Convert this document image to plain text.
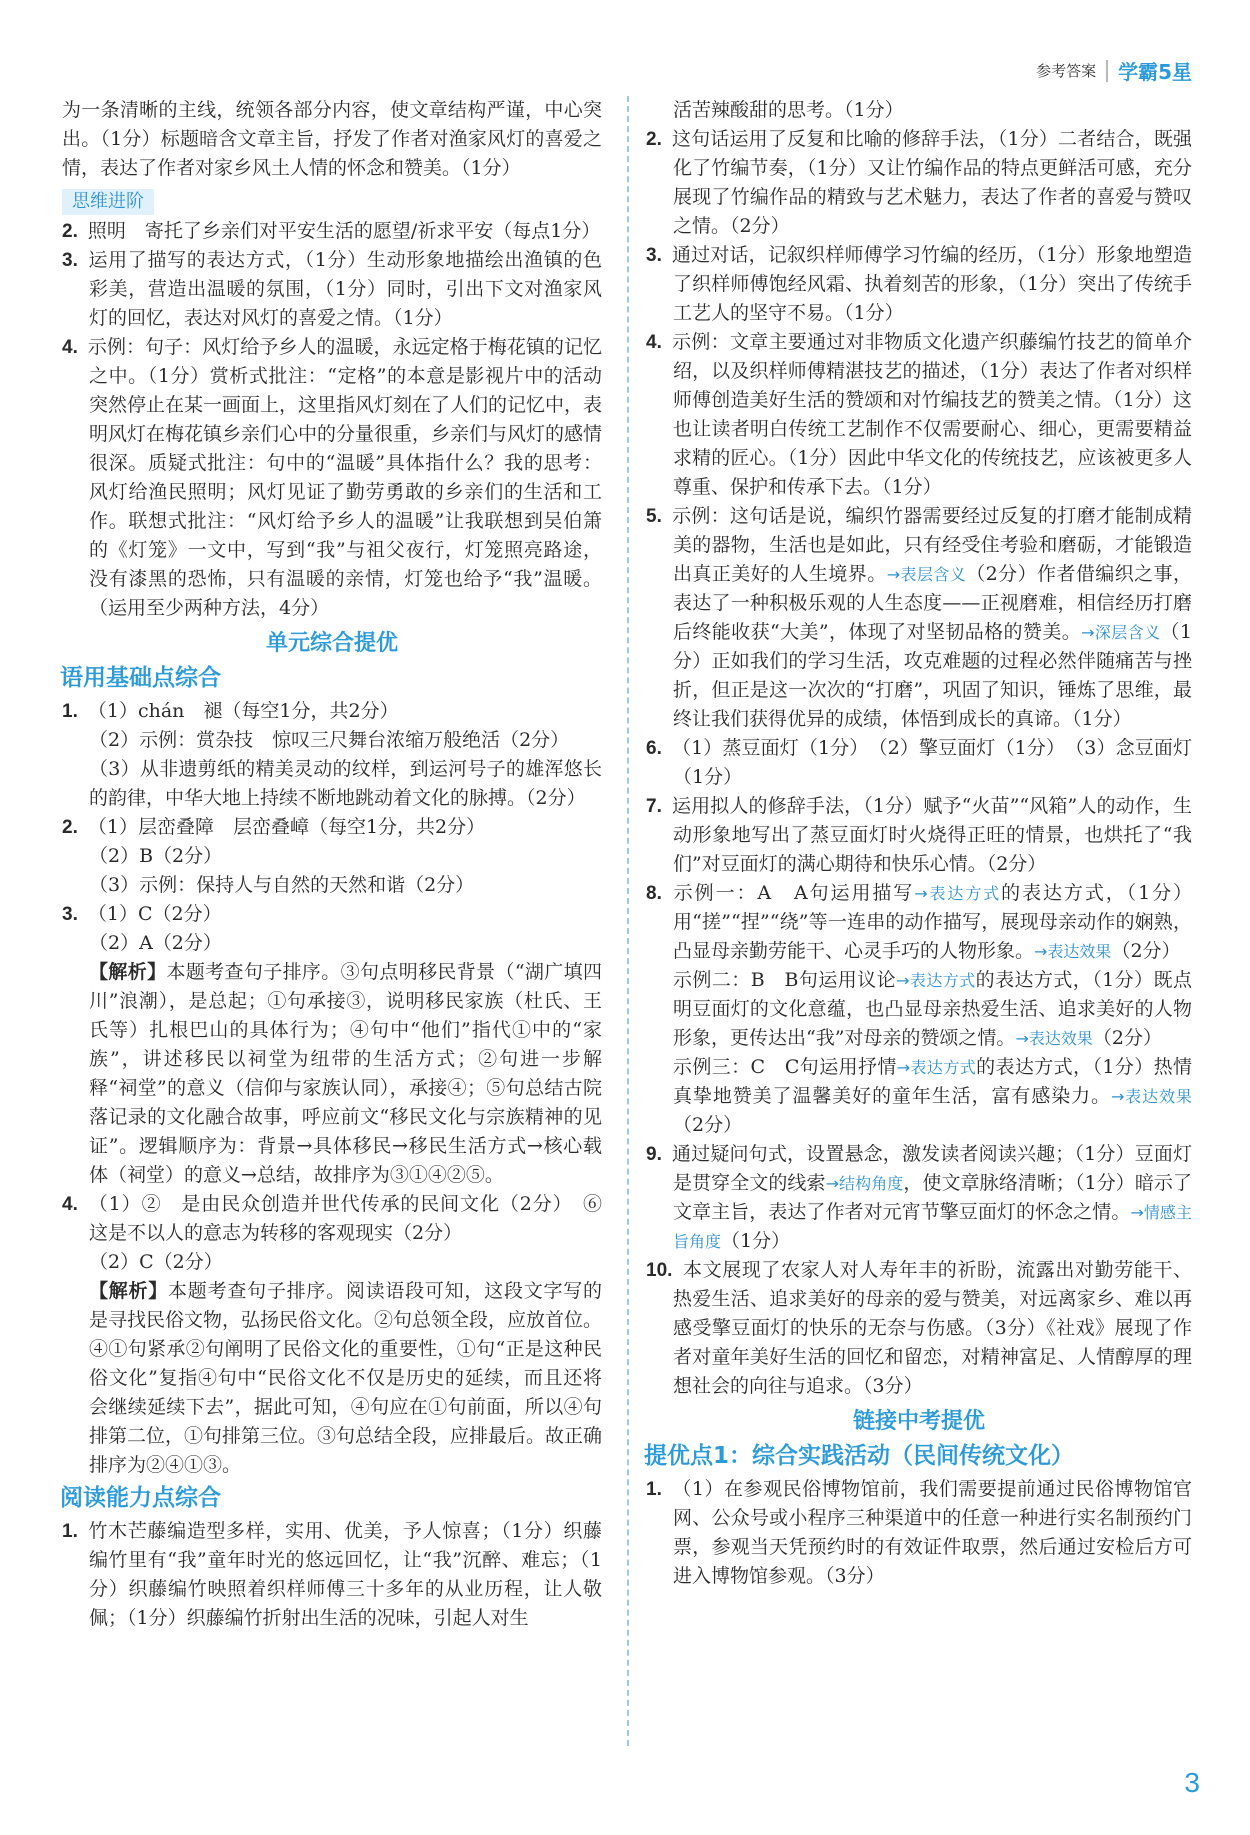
参考答案 学霸5星

为一条清晰的主线，统领各部分内容，使文章结构严谨，中心突出。（1分）标题暗含文章主旨，抒发了作者对渔家风灯的喜爱之情，表达了作者对家乡风土人情的怀念和赞美。（1分）

思维进阶

2. 照明　寄托了乡亲们对平安生活的愿望/祈求平安（每点1分）

3. 运用了描写的表达方式，（1分）生动形象地描绘出渔镇的色彩美，营造出温暖的氛围，（1分）同时，引出下文对渔家风灯的回忆，表达对风灯的喜爱之情。（1分）

4. 示例：句子：风灯给予乡人的温暖，永远定格于梅花镇的记忆之中。（1分）赏析式批注：“定格”的本意是影视片中的活动突然停止在某一画面上，这里指风灯刻在了人们的记忆中，表明风灯在梅花镇乡亲们心中的分量很重，乡亲们与风灯的感情很深。质疑式批注：句中的“温暖”具体指什么？我的思考：风灯给渔民照明；风灯见证了勤劳勇敢的乡亲们的生活和工作。联想式批注：“风灯给予乡人的温暖”让我联想到吴伯箫的《灯笼》一文中，写到“我”与祖父夜行，灯笼照亮路途，没有漆黑的恐怖，只有温暖的亲情，灯笼也给予“我”温暖。（运用至少两种方法，4分）

单元综合提优
语用基础点综合

1. （1）chán　褪（每空1分，共2分）

（2）示例：赏杂技　惊叹三尺舞台浓缩万般绝活（2分）

（3）从非遗剪纸的精美灵动的纹样，到运河号子的雄浑悠长的韵律，中华大地上持续不断地跳动着文化的脉搏。（2分）

2. （1）层峦叠障　层峦叠嶂（每空1分，共2分）

（2）B（2分）

（3）示例：保持人与自然的天然和谐（2分）

3. （1）C（2分）

（2）A（2分）

【解析】本题考查句子排序。③句点明移民背景（“湖广填四川”浪潮），是总起；①句承接③，说明移民家族（杜氏、王氏等）扎根巴山的具体行为；④句中“他们”指代①中的“家族”，讲述移民以祠堂为纽带的生活方式；②句进一步解释“祠堂”的意义（信仰与家族认同），承接④；⑤句总结古院落记录的文化融合故事，呼应前文“移民文化与宗族精神的见证”。逻辑顺序为：背景→具体移民→移民生活方式→核心载体（祠堂）的意义→总结，故排序为③①④②⑤。

4. （1）②　是由民众创造并世代传承的民间文化（2分）　⑥　这是不以人的意志为转移的客观现实（2分）

（2）C（2分）

【解析】本题考查句子排序。阅读语段可知，这段文字写的是寻找民俗文物，弘扬民俗文化。②句总领全段，应放首位。④①句紧承②句阐明了民俗文化的重要性，①句“正是这种民俗文化”复指④句中“民俗文化不仅是历史的延续，而且还将会继续延续下去”，据此可知，④句应在①句前面，所以④句排第二位，①句排第三位。③句总结全段，应排最后。故正确排序为②④①③。

阅读能力点综合

1. 竹木芒藤编造型多样，实用、优美，予人惊喜；（1分）织藤编竹里有“我”童年时光的悠远回忆，让“我”沉醉、难忘；（1分）织藤编竹映照着织样师傅三十多年的从业历程，让人敬佩；（1分）织藤编竹折射出生活的况味，引起人对生

活苦辣酸甜的思考。（1分）

2. 这句话运用了反复和比喻的修辞手法，（1分）二者结合，既强化了竹编节奏，（1分）又让竹编作品的特点更鲜活可感，充分展现了竹编作品的精致与艺术魅力，表达了作者的喜爱与赞叹之情。（2分）

3. 通过对话，记叙织样师傅学习竹编的经历，（1分）形象地塑造了织样师傅饱经风霜、执着刻苦的形象，（1分）突出了传统手工艺人的坚守不易。（1分）

4. 示例：文章主要通过对非物质文化遗产织藤编竹技艺的简单介绍，以及织样师傅精湛技艺的描述，（1分）表达了作者对织样师傅创造美好生活的赞颂和对竹编技艺的赞美之情。（1分）这也让读者明白传统工艺制作不仅需要耐心、细心，更需要精益求精的匠心。（1分）因此中华文化的传统技艺，应该被更多人尊重、保护和传承下去。（1分）

5. 示例：这句话是说，编织竹器需要经过反复的打磨才能制成精美的器物，生活也是如此，只有经受住考验和磨砺，才能锻造出真正美好的人生境界。→表层含义（2分）作者借编织之事，表达了一种积极乐观的人生态度——正视磨难，相信经历打磨后终能收获“大美”，体现了对坚韧品格的赞美。→深层含义（1分）正如我们的学习生活，攻克难题的过程必然伴随痛苦与挫折，但正是这一次次的“打磨”，巩固了知识，锤炼了思维，最终让我们获得优异的成绩，体悟到成长的真谛。（1分）

6. （1）蒸豆面灯（1分）　（2）擎豆面灯（1分）　（3）念豆面灯（1分）

7. 运用拟人的修辞手法，（1分）赋予“火苗”“风箱”人的动作，生动形象地写出了蒸豆面灯时火烧得正旺的情景，也烘托了“我们”对豆面灯的满心期待和快乐心情。（2分）

8. 示例一：A　A句运用描写→表达方式的表达方式，（1分）用“搓”“捏”“绕”等一连串的动作描写，展现母亲动作的娴熟，凸显母亲勤劳能干、心灵手巧的人物形象。→表达效果（2分）

示例二：B　B句运用议论→表达方式的表达方式，（1分）既点明豆面灯的文化意蕴，也凸显母亲热爱生活、追求美好的人物形象，更传达出“我”对母亲的赞颂之情。→表达效果（2分）

示例三：C　C句运用抒情→表达方式的表达方式，（1分）热情真挚地赞美了温馨美好的童年生活，富有感染力。→表达效果（2分）

9. 通过疑问句式，设置悬念，激发读者阅读兴趣；（1分）豆面灯是贯穿全文的线索→结构角度，使文章脉络清晰；（1分）暗示了文章主旨，表达了作者对元宵节擎豆面灯的怀念之情。→情感主旨角度（1分）

10. 本文展现了农家人对人寿年丰的祈盼，流露出对勤劳能干、热爱生活、追求美好的母亲的爱与赞美，对远离家乡、难以再感受擎豆面灯的快乐的无奈与伤感。（3分）《社戏》展现了作者对童年美好生活的回忆和留恋，对精神富足、人情醇厚的理想社会的向往与追求。（3分）

链接中考提优
提优点1：综合实践活动（民间传统文化）

1. （1）在参观民俗博物馆前，我们需要提前通过民俗博物馆官网、公众号或小程序三种渠道中的任意一种进行实名制预约门票，参观当天凭预约时的有效证件取票，然后通过安检后方可进入博物馆参观。（3分）

3
